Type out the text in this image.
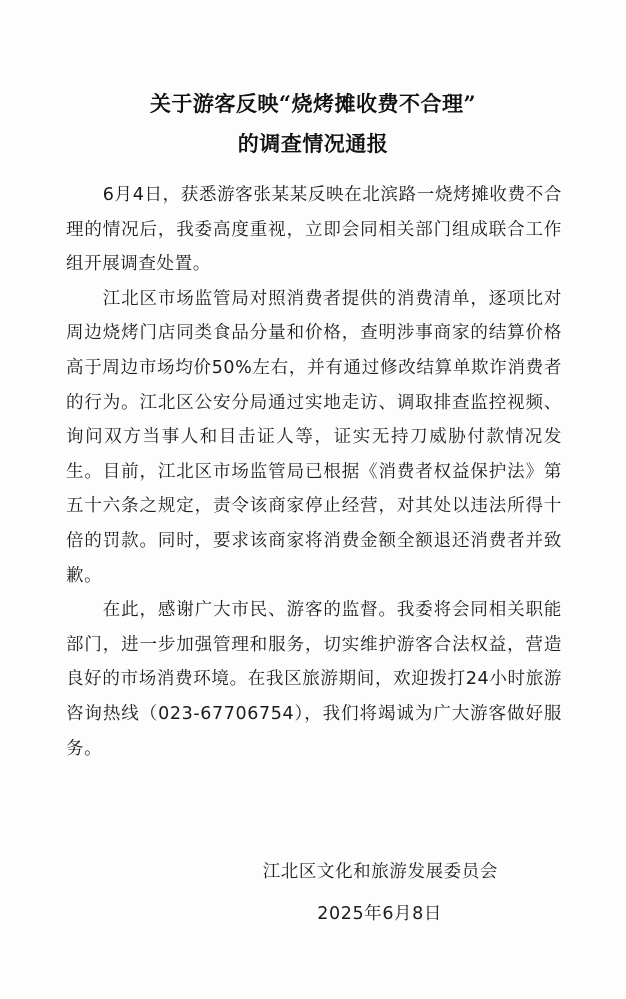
关于游客反映“烧烤摊收费不合理”
的调查情况通报

6月4日，获悉游客张某某反映在北滨路一烧烤摊收费不合理的情况后，我委高度重视，立即会同相关部门组成联合工作组开展调查处置。

江北区市场监管局对照消费者提供的消费清单，逐项比对周边烧烤门店同类食品分量和价格，查明涉事商家的结算价格高于周边市场均价50%左右，并有通过修改结算单欺诈消费者的行为。江北区公安分局通过实地走访、调取排查监控视频、询问双方当事人和目击证人等，证实无持刀威胁付款情况发生。目前，江北区市场监管局已根据《消费者权益保护法》第五十六条之规定，责令该商家停止经营，对其处以违法所得十倍的罚款。同时，要求该商家将消费金额全额退还消费者并致歉。

在此，感谢广大市民、游客的监督。我委将会同相关职能部门，进一步加强管理和服务，切实维护游客合法权益，营造良好的市场消费环境。在我区旅游期间，欢迎拨打24小时旅游咨询热线（023-67706754），我们将竭诚为广大游客做好服务。

江北区文化和旅游发展委员会
2025年6月8日
